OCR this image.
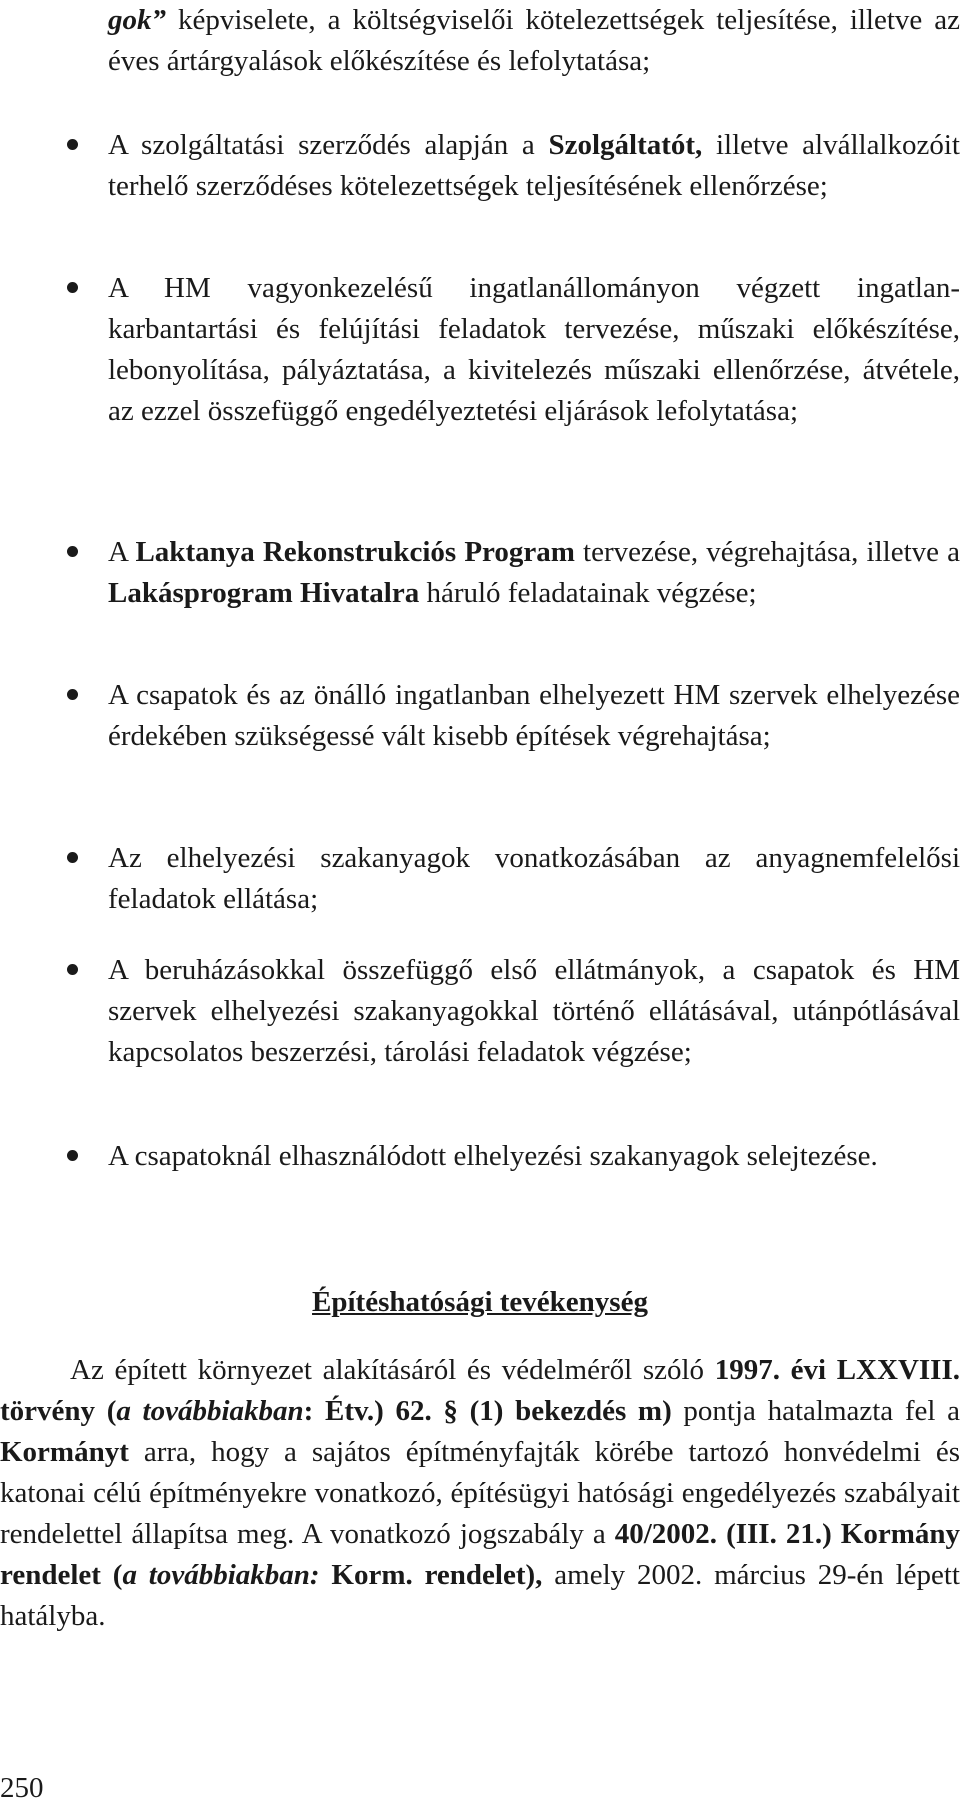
gok” képviselete, a költségviselői kötelezettségek teljesítése, illetve az éves ártárgyalások előkészítése és lefolytatása;
A szolgáltatási szerződés alapján a Szolgáltatót, illetve alvállalkozóit terhelő szerződéses kötelezettségek teljesítésének ellenőrzése;
A HM vagyonkezelésű ingatlanállományon végzett ingatlan-karbantartási és felújítási feladatok tervezése, műszaki előkészítése, lebonyolítása, pályáztatása, a kivitelezés műszaki ellenőrzése, átvétele, az ezzel összefüggő engedélyeztetési eljárások lefolytatása;
A Laktanya Rekonstrukciós Program tervezése, végrehajtása, illetve a Lakásprogram Hivatalra háruló feladatainak végzése;
A csapatok és az önálló ingatlanban elhelyezett HM szervek elhelyezése érdekében szükségessé vált kisebb építések végrehajtása;
Az elhelyezési szakanyagok vonatkozásában az anyagnemfelelősi feladatok ellátása;
A beruházásokkal összefüggő első ellátmányok, a csapatok és HM szervek elhelyezési szakanyagokkal történő ellátásával, utánpótlásával kapcsolatos beszerzési, tárolási feladatok végzése;
A csapatoknál elhasználódott elhelyezési szakanyagok selejtezése.
Építéshatósági tevékenység
Az épített környezet alakításáról és védelméről szóló 1997. évi LXXVIII. törvény (a továbbiakban: Étv.) 62. § (1) bekezdés m) pontja hatalmazta fel a Kormányt arra, hogy a sajátos építményfajták körébe tartozó honvédelmi és katonai célú építményekre vonatkozó, építésügyi hatósági engedélyezés szabályait rendelettel állapítsa meg. A vonatkozó jogszabály a 40/2002. (III. 21.) Kormány rendelet (a továbbiakban: Korm. rendelet), amely 2002. március 29-én lépett hatályba.
250
